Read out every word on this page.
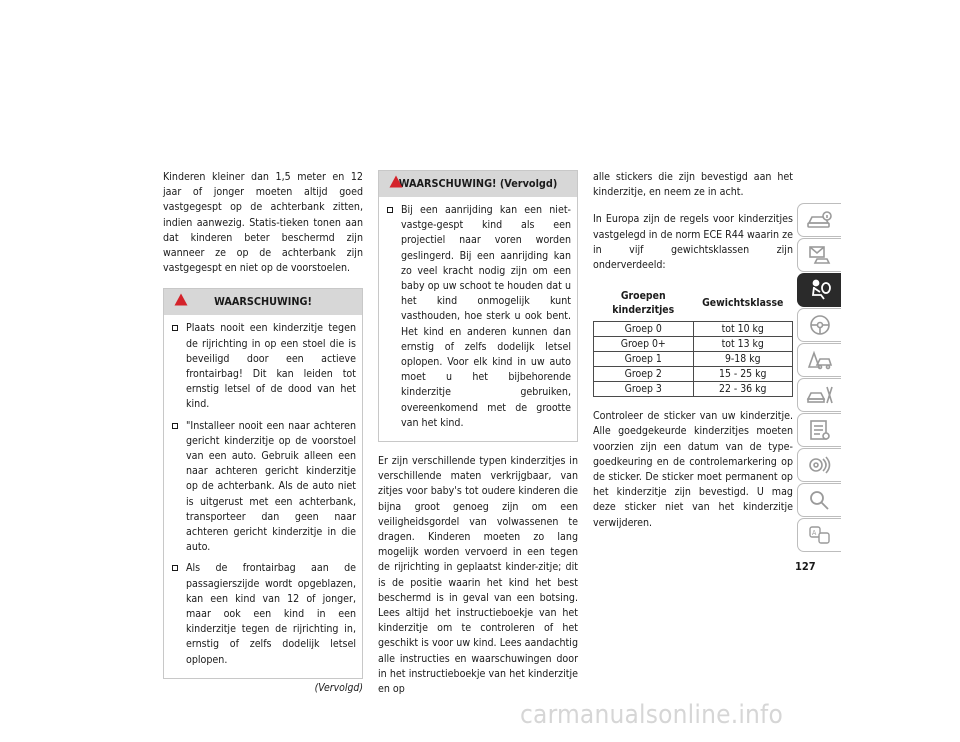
Kinderen kleiner dan 1,5 meter en 12 jaar of jonger moeten altijd goed vastgegespt op de achterbank zitten, indien aanwezig. Statis-tieken tonen aan dat kinderen beter beschermd zijn wanneer ze op de achterbank zijn vastgegespt en niet op de voorstoelen.

WAARSCHUWING!
Plaats nooit een kinderzitje tegen de rijrichting in op een stoel die is beveiligd door een actieve frontairbag! Dit kan leiden tot ernstig letsel of de dood van het kind.
"Installeer nooit een naar achteren gericht kinderzitje op de voorstoel van een auto. Gebruik alleen een naar achteren gericht kinderzitje op de achterbank. Als de auto niet is uitgerust met een achterbank, transporteer dan geen naar achteren gericht kinderzitje in die auto.
Als de frontairbag aan de passagierszijde wordt opgeblazen, kan een kind van 12 of jonger, maar ook een kind in een kinderzitje tegen de rijrichting in, ernstig of zelfs dodelijk letsel oplopen.
(Vervolgd)
WAARSCHUWING! (Vervolgd)
Bij een aanrijding kan een niet-vastge-gespt kind als een projectiel naar voren worden geslingerd. Bij een aanrijding kan zo veel kracht nodig zijn om een baby op uw schoot te houden dat u het kind onmogelijk kunt vasthouden, hoe sterk u ook bent. Het kind en anderen kunnen dan ernstig of zelfs dodelijk letsel oplopen. Voor elk kind in uw auto moet u het bijbehorende kinderzitje gebruiken, overeenkomend met de grootte van het kind.

Er zijn verschillende typen kinderzitjes in verschillende maten verkrijgbaar, van zitjes voor baby's tot oudere kinderen die bijna groot genoeg zijn om een veiligheidsgordel van volwassenen te dragen. Kinderen moeten zo lang mogelijk worden vervoerd in een tegen de rijrichting in geplaatst kinder-zitje; dit is de positie waarin het kind het best beschermd is in geval van een botsing. Lees altijd het instructieboekje van het kinderzitje om te controleren of het geschikt is voor uw kind. Lees aandachtig alle instructies en waarschuwingen door in het instructieboekje van het kinderzitje en op

alle stickers die zijn bevestigd aan het kinderzitje, en neem ze in acht.

In Europa zijn de regels voor kinderzitjes vastgelegd in de norm ECE R44 waarin ze in vijf gewichtsklassen zijn onderverdeeld:

Groepen kinderzitjes	Gewichtsklasse
Groep 0	tot 10 kg
Groep 0+	tot 13 kg
Groep 1	9-18 kg
Groep 2	15 - 25 kg
Groep 3	22 - 36 kg

Controleer de sticker van uw kinderzitje. Alle goedgekeurde kinderzitjes moeten voorzien zijn een datum van de type-goedkeuring en de controlemarkering op de sticker. De sticker moet permanent op het kinderzitje zijn bevestigd. U mag deze sticker niet van het kinderzitje verwijderen.

A
127
carmanualsonline.info
